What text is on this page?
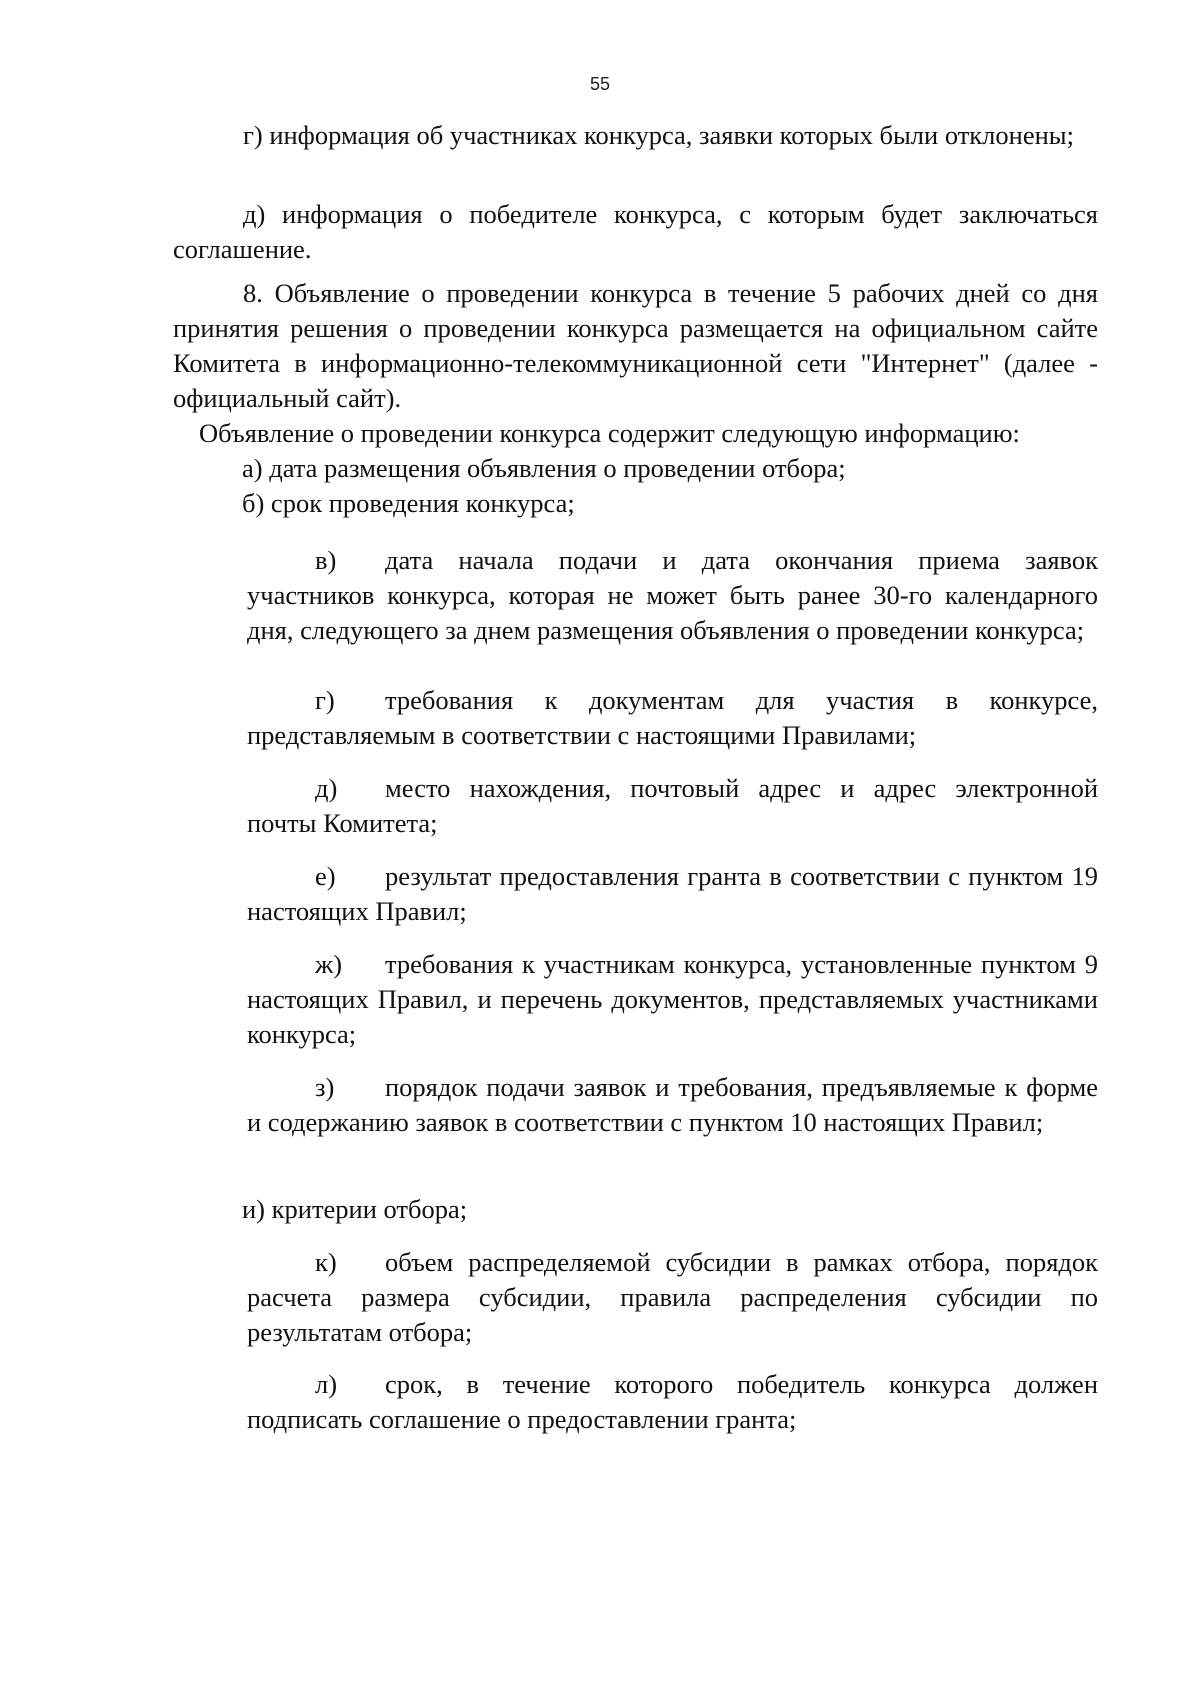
55

г) информация об участниках конкурса, заявки которых были отклонены;

д) информация о победителе конкурса, с которым будет заключаться соглашение.

8. Объявление о проведении конкурса в течение 5 рабочих дней со дня принятия решения о проведении конкурса размещается на официальном сайте Комитета в информационно-телекоммуникационной сети "Интернет" (далее - официальный сайт).

Объявление о проведении конкурса содержит следующую информацию:

а) дата размещения объявления о проведении отбора;

б) срок проведения конкурса;

в) дата начала подачи и дата окончания приема заявок участников конкурса, которая не может быть ранее 30-го календарного дня, следующего за днем размещения объявления о проведении конкурса;

г) требования к документам для участия в конкурсе, представляемым в соответствии с настоящими Правилами;

д) место нахождения, почтовый адрес и адрес электронной почты Комитета;

е) результат предоставления гранта в соответствии с пунктом 19 настоящих Правил;

ж) требования к участникам конкурса, установленные пунктом 9 настоящих Правил, и перечень документов, представляемых участниками конкурса;

з) порядок подачи заявок и требования, предъявляемые к форме и содержанию заявок в соответствии с пунктом 10 настоящих Правил;

и) критерии отбора;

к) объем распределяемой субсидии в рамках отбора, порядок расчета размера субсидии, правила распределения субсидии по результатам отбора;

л) срок, в течение которого победитель конкурса должен подписать соглашение о предоставлении гранта;
